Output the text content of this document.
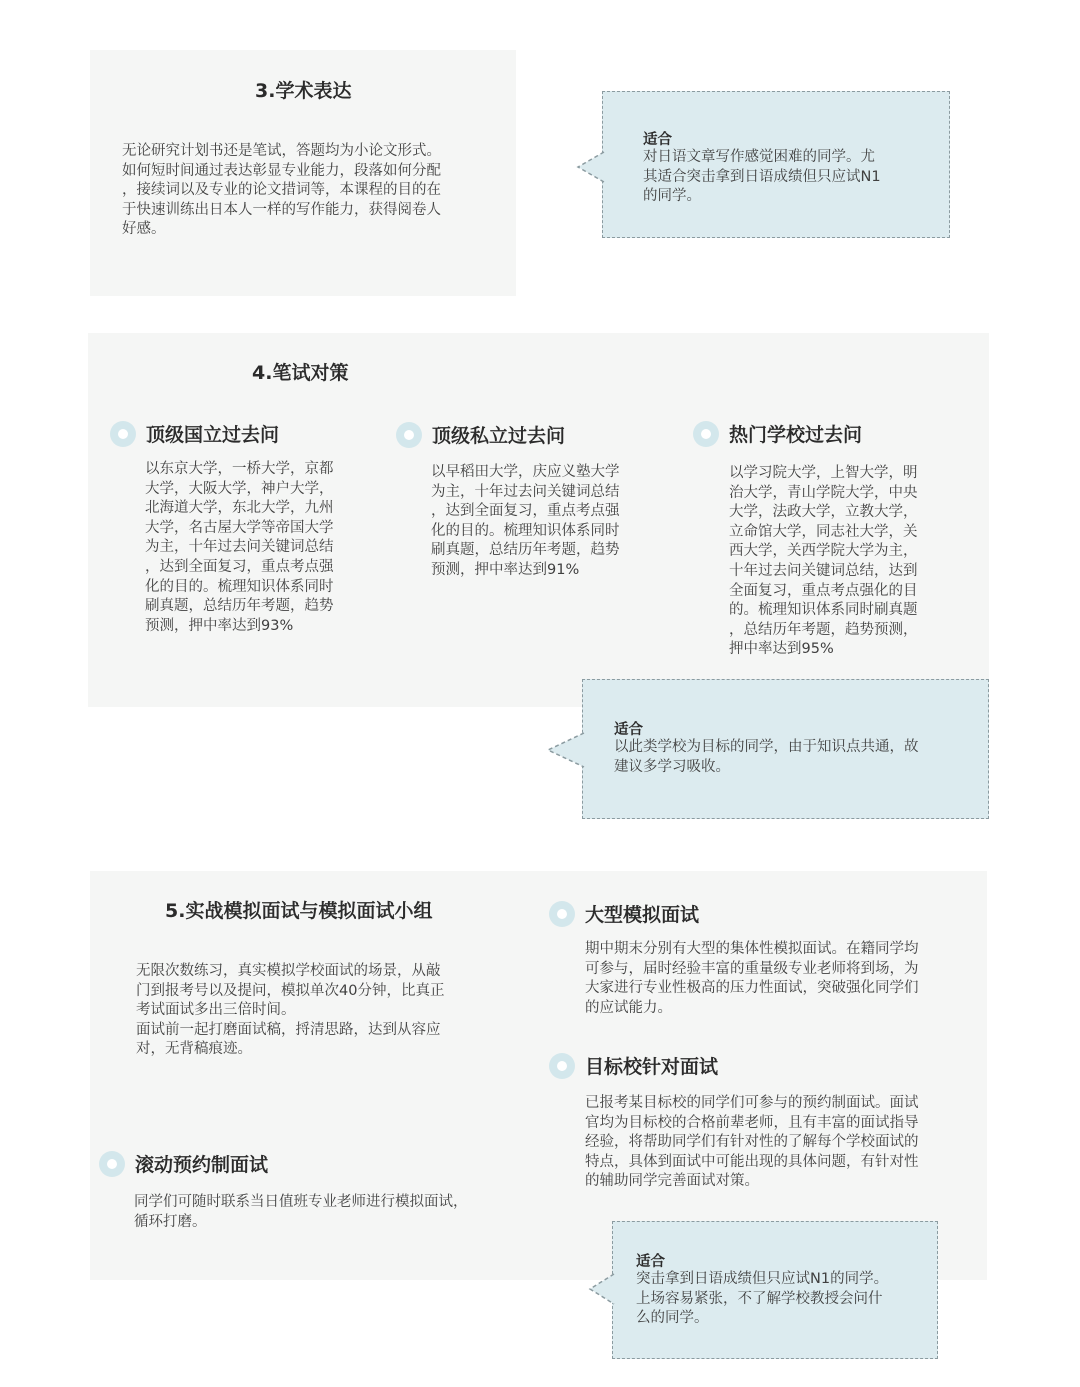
3.学术表达
无论研究计划书还是笔试，答题均为小论文形式。
如何短时间通过表达彰显专业能力，段落如何分配
，接续词以及专业的论文措词等，本课程的目的在
于快速训练出日本人一样的写作能力，获得阅卷人
好感。
适合
对日语文章写作感觉困难的同学。尤
其适合突击拿到日语成绩但只应试N1
的同学。
4.笔试对策
顶级国立过去问
以东京大学，一桥大学，京都
大学，大阪大学，神户大学，
北海道大学，东北大学，九州
大学，名古屋大学等帝国大学
为主，十年过去问关键词总结
，达到全面复习，重点考点强
化的目的。梳理知识体系同时
刷真题，总结历年考题，趋势
预测，押中率达到93%
顶级私立过去问
以早稻田大学，庆应义塾大学
为主，十年过去问关键词总结
，达到全面复习，重点考点强
化的目的。梳理知识体系同时
刷真题，总结历年考题，趋势
预测，押中率达到91%
热门学校过去问
以学习院大学，上智大学，明
治大学，青山学院大学，中央
大学，法政大学，立教大学，
立命馆大学，同志社大学，关
西大学，关西学院大学为主，
十年过去问关键词总结，达到
全面复习，重点考点强化的目
的。梳理知识体系同时刷真题
，总结历年考题，趋势预测，
押中率达到95%
适合
以此类学校为目标的同学，由于知识点共通，故
建议多学习吸收。
5.实战模拟面试与模拟面试小组
无限次数练习，真实模拟学校面试的场景，从敲
门到报考号以及提问，模拟单次40分钟，比真正
考试面试多出三倍时间。
面试前一起打磨面试稿，捋清思路，达到从容应
对，无背稿痕迹。
滚动预约制面试
同学们可随时联系当日值班专业老师进行模拟面试，
循环打磨。
大型模拟面试
期中期末分别有大型的集体性模拟面试。在籍同学均
可参与，届时经验丰富的重量级专业老师将到场，为
大家进行专业性极高的压力性面试，突破强化同学们
的应试能力。
目标校针对面试
已报考某目标校的同学们可参与的预约制面试。面试
官均为目标校的合格前辈老师，且有丰富的面试指导
经验，将帮助同学们有针对性的了解每个学校面试的
特点，具体到面试中可能出现的具体问题，有针对性
的辅助同学完善面试对策。
适合
突击拿到日语成绩但只应试N1的同学。
上场容易紧张，不了解学校教授会问什
么的同学。
